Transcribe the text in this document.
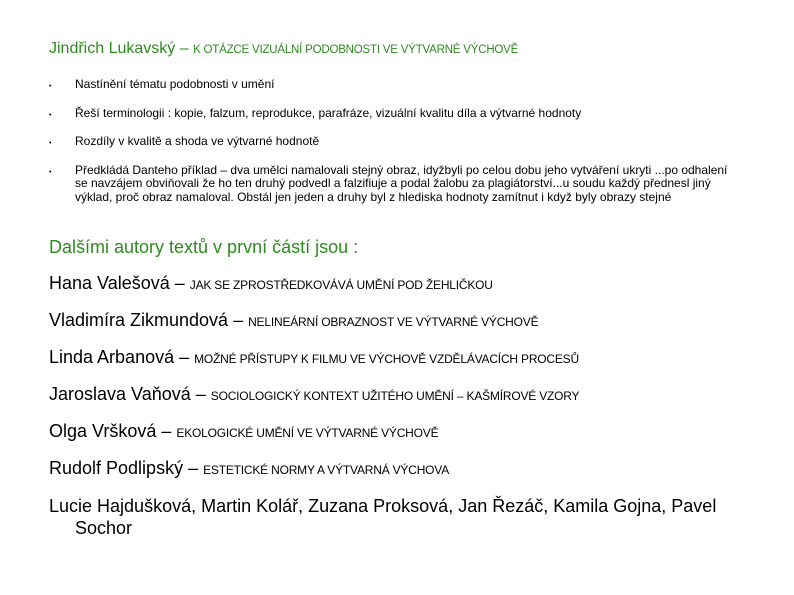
Jindřich Lukavský – K OTÁZCE VIZUÁLNÍ PODOBNOSTI VE VÝTVARNÉ VÝCHOVĚ
• Nastínění tématu podobnosti v umění
• Řeší terminologii : kopie, falzum, reprodukce, parafráze, vizuální kvalitu díla a výtvarné hodnoty
• Rozdíly v kvalitě a shoda ve výtvarné hodnotě
• Předkládá Danteho příklad – dva umělci namalovali stejný obraz, idyžbyli po celou dobu jeho vytváření ukryti ...po odhalení se navzájem obviňovali že ho ten druhý podvedl a falzifiuje a podal žalobu za plagiátorství...u soudu každý přednesl jiný výklad, proč obraz namaloval. Obstál jen jeden a druhy byl z hlediska hodnoty zamítnut i když byly obrazy stejné
Dalšími autory textů v první částí jsou :
Hana Valešová – JAK SE ZPROSTŘEDKOVÁVÁ UMĚNÍ POD ŽEHLIČKOU
Vladimíra Zikmundová – NELINEÁRNÍ OBRAZNOST VE VÝTVARNÉ VÝCHOVĚ
Linda Arbanová – MOŽNÉ PŘÍSTUPY K FILMU VE VÝCHOVĚ VZDĚLÁVACÍCH PROCESŮ
Jaroslava Vaňová – SOCIOLOGICKÝ KONTEXT UŽITÉHO UMĚNÍ – KAŠMÍROVÉ VZORY
Olga Vršková – EKOLOGICKÉ UMĚNÍ VE VÝTVARNÉ VÝCHOVĚ
Rudolf Podlipský – ESTETICKÉ NORMY A VÝTVARNÁ VÝCHOVA
Lucie Hajdušková, Martin Kolář, Zuzana Proksová, Jan Řezáč, Kamila Gojna, Pavel Sochor
